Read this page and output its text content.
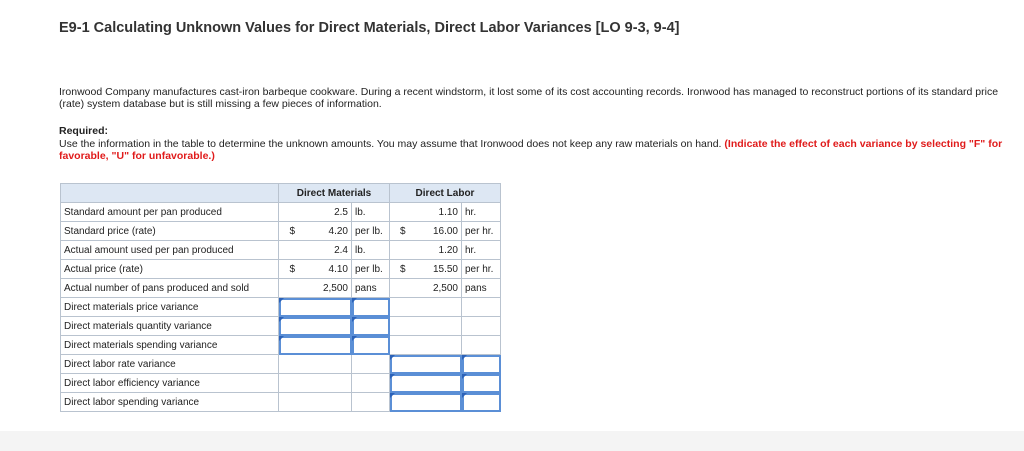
E9-1 Calculating Unknown Values for Direct Materials, Direct Labor Variances [LO 9-3, 9-4]
Ironwood Company manufactures cast-iron barbeque cookware. During a recent windstorm, it lost some of its cost accounting records. Ironwood has managed to reconstruct portions of its standard price (rate) system database but is still missing a few pieces of information.
Required:
Use the information in the table to determine the unknown amounts. You may assume that Ironwood does not keep any raw materials on hand. (Indicate the effect of each variance by selecting "F" for favorable, "U" for unfavorable.)
	Direct Materials			Direct Labor		
Standard amount per pan produced		2.5	lb.		1.10	hr.
Standard price (rate)	$	4.20	per lb.	$	16.00	per hr.
Actual amount used per pan produced		2.4	lb.		1.20	hr.
Actual price (rate)	$	4.10	per lb.	$	15.50	per hr.
Actual number of pans produced and sold		2,500	pans		2,500	pans
Direct materials price variance			

Direct materials quantity variance			

Direct materials spending variance			

Direct labor rate variance					

Direct labor efficiency variance					

Direct labor spending variance					
